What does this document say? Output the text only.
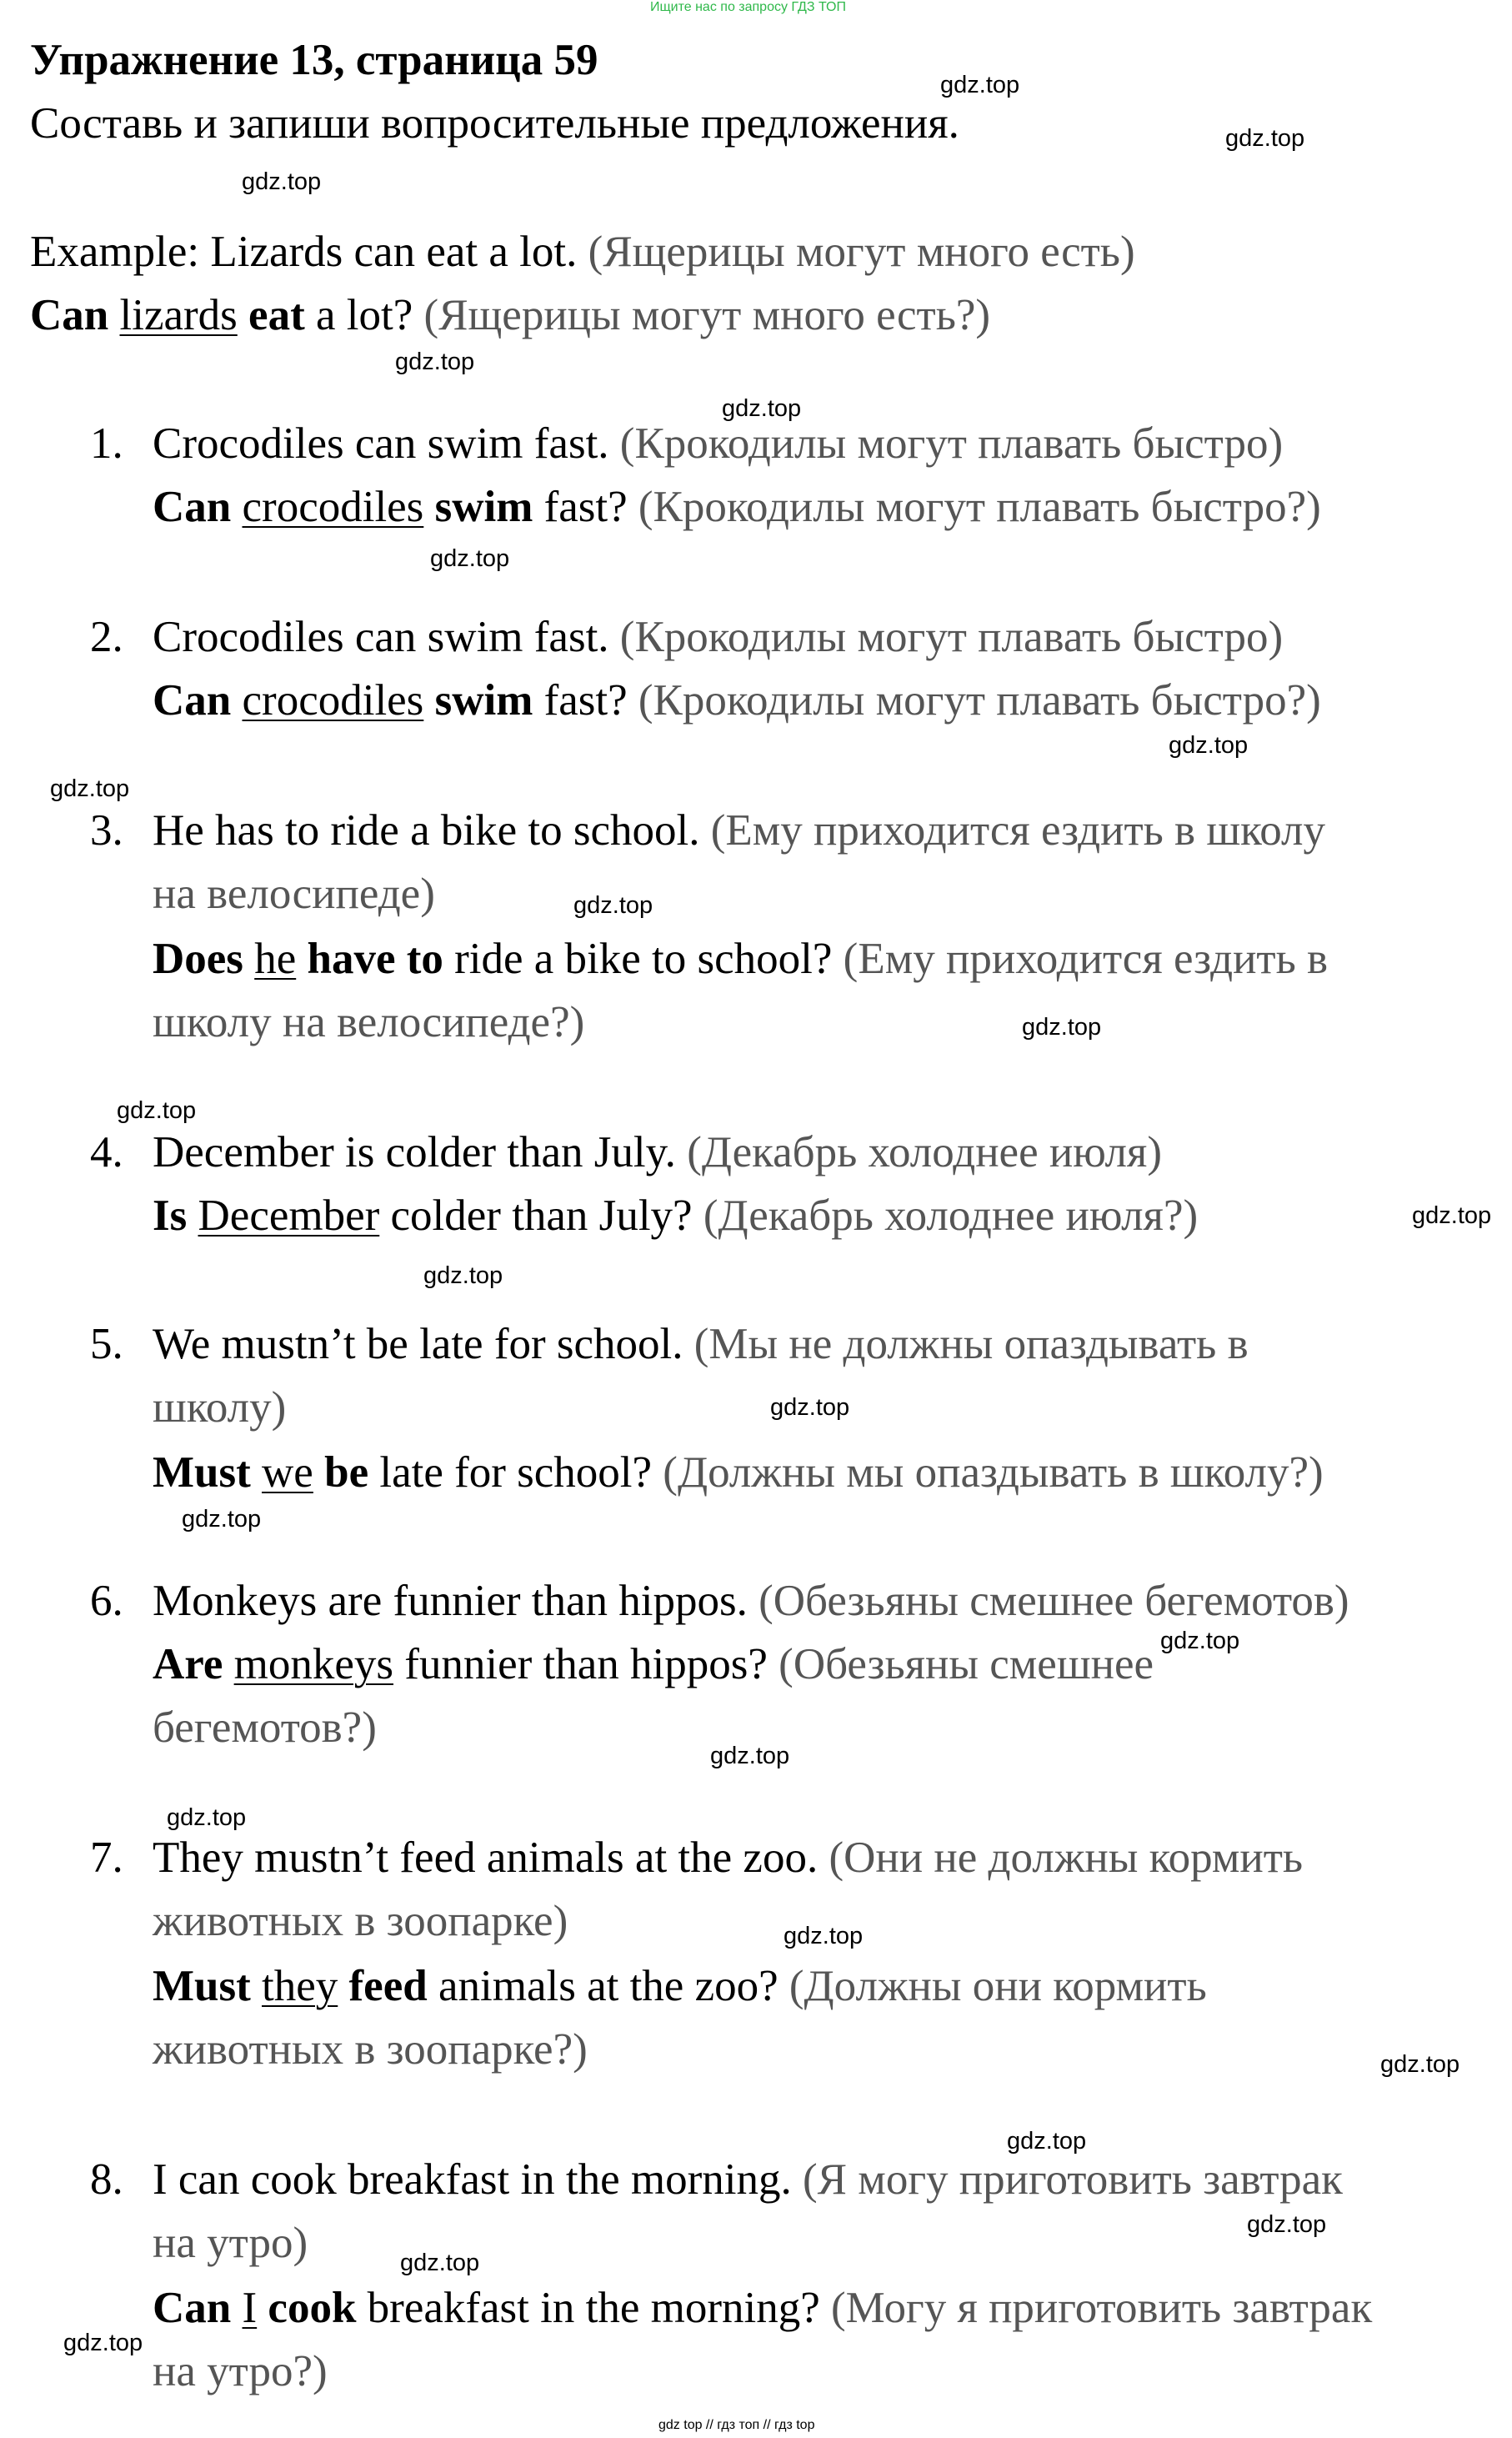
Ищите нас по запросу ГДЗ ТОП
Упражнение 13, страница 59
Составь и запиши вопросительные предложения.
Example: Lizards can eat a lot. (Ящерицы могут много есть)
Can lizards eat a lot? (Ящерицы могут много есть?)
1. Crocodiles can swim fast. (Крокодилы могут плавать быстро)
Can crocodiles swim fast? (Крокодилы могут плавать быстро?)
2. Crocodiles can swim fast. (Крокодилы могут плавать быстро)
Can crocodiles swim fast? (Крокодилы могут плавать быстро?)
3. He has to ride a bike to school. (Ему приходится ездить в школу
на велосипеде)
Does he have to ride a bike to school? (Ему приходится ездить в
школу на велосипеде?)
4. December is colder than July. (Декабрь холоднее июля)
Is December colder than July? (Декабрь холоднее июля?)
5. We mustn’t be late for school. (Мы не должны опаздывать в
школу)
Must we be late for school? (Должны мы опаздывать в школу?)
6. Monkeys are funnier than hippos. (Обезьяны смешнее бегемотов)
Are monkeys funnier than hippos? (Обезьяны смешнее
бегемотов?)
7. They mustn’t feed animals at the zoo. (Они не должны кормить
животных в зоопарке)
Must they feed animals at the zoo? (Должны они кормить
животных в зоопарке?)
8. I can cook breakfast in the morning. (Я могу приготовить завтрак
на утро)
Can I cook breakfast in the morning? (Могу я приготовить завтрак
на утро?)
gdz.top
gdz.top
gdz.top
gdz.top
gdz.top
gdz.top
gdz.top
gdz.top
gdz.top
gdz.top
gdz.top
gdz.top
gdz.top
gdz.top
gdz.top
gdz.top
gdz.top
gdz.top
gdz.top
gdz.top
gdz.top
gdz.top
gdz.top
gdz.top
gdz top // гдз топ // гдз top
